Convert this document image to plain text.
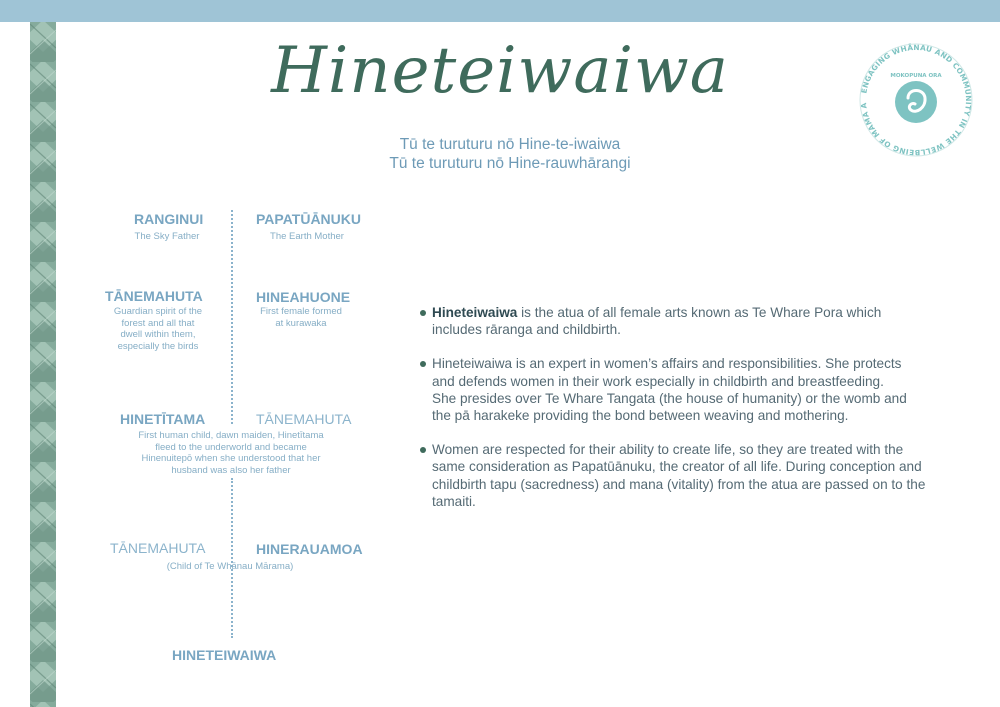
Hineteiwaiwa
Tū te turuturu nō Hine-te-iwaiwa
Tū te turuturu nō Hine-rauwhārangi
ENGAGING WHĀNAU AND COMMUNITY IN THE WELLBEING OF MAMA A
MOKOPUNA ORA
RANGINUI
The Sky Father
PAPATŪĀNUKU
The Earth Mother
TĀNEMAHUTA
Guardian spirit of the
forest and all that
dwell within them,
especially the birds
HINEAHUONE
First female formed
at kurawaka
HINETĪTAMA
First human child, dawn maiden, Hinetītama
fleed to the underworld and became
Hinenuitepō when she understood that her
husband was also her father
TĀNEMAHUTA
TĀNEMAHUTA	HINERAUAMOA
(Child of Te Whānau Mārama)
HINETEIWAIWA
Hineteiwaiwa is the atua of all female arts known as Te Whare Pora which
includes rāranga and childbirth.
Hineteiwaiwa is an expert in women’s affairs and responsibilities. She protects
and defends women in their work especially in childbirth and breastfeeding.
She presides over Te Whare Tangata (the house of humanity) or the womb and
the pā harakeke providing the bond between weaving and mothering.
Women are respected for their ability to create life, so they are treated with the
same consideration as Papatūānuku, the creator of all life. During conception and
childbirth tapu (sacredness) and mana (vitality) from the atua are passed on to the
tamaiti.
